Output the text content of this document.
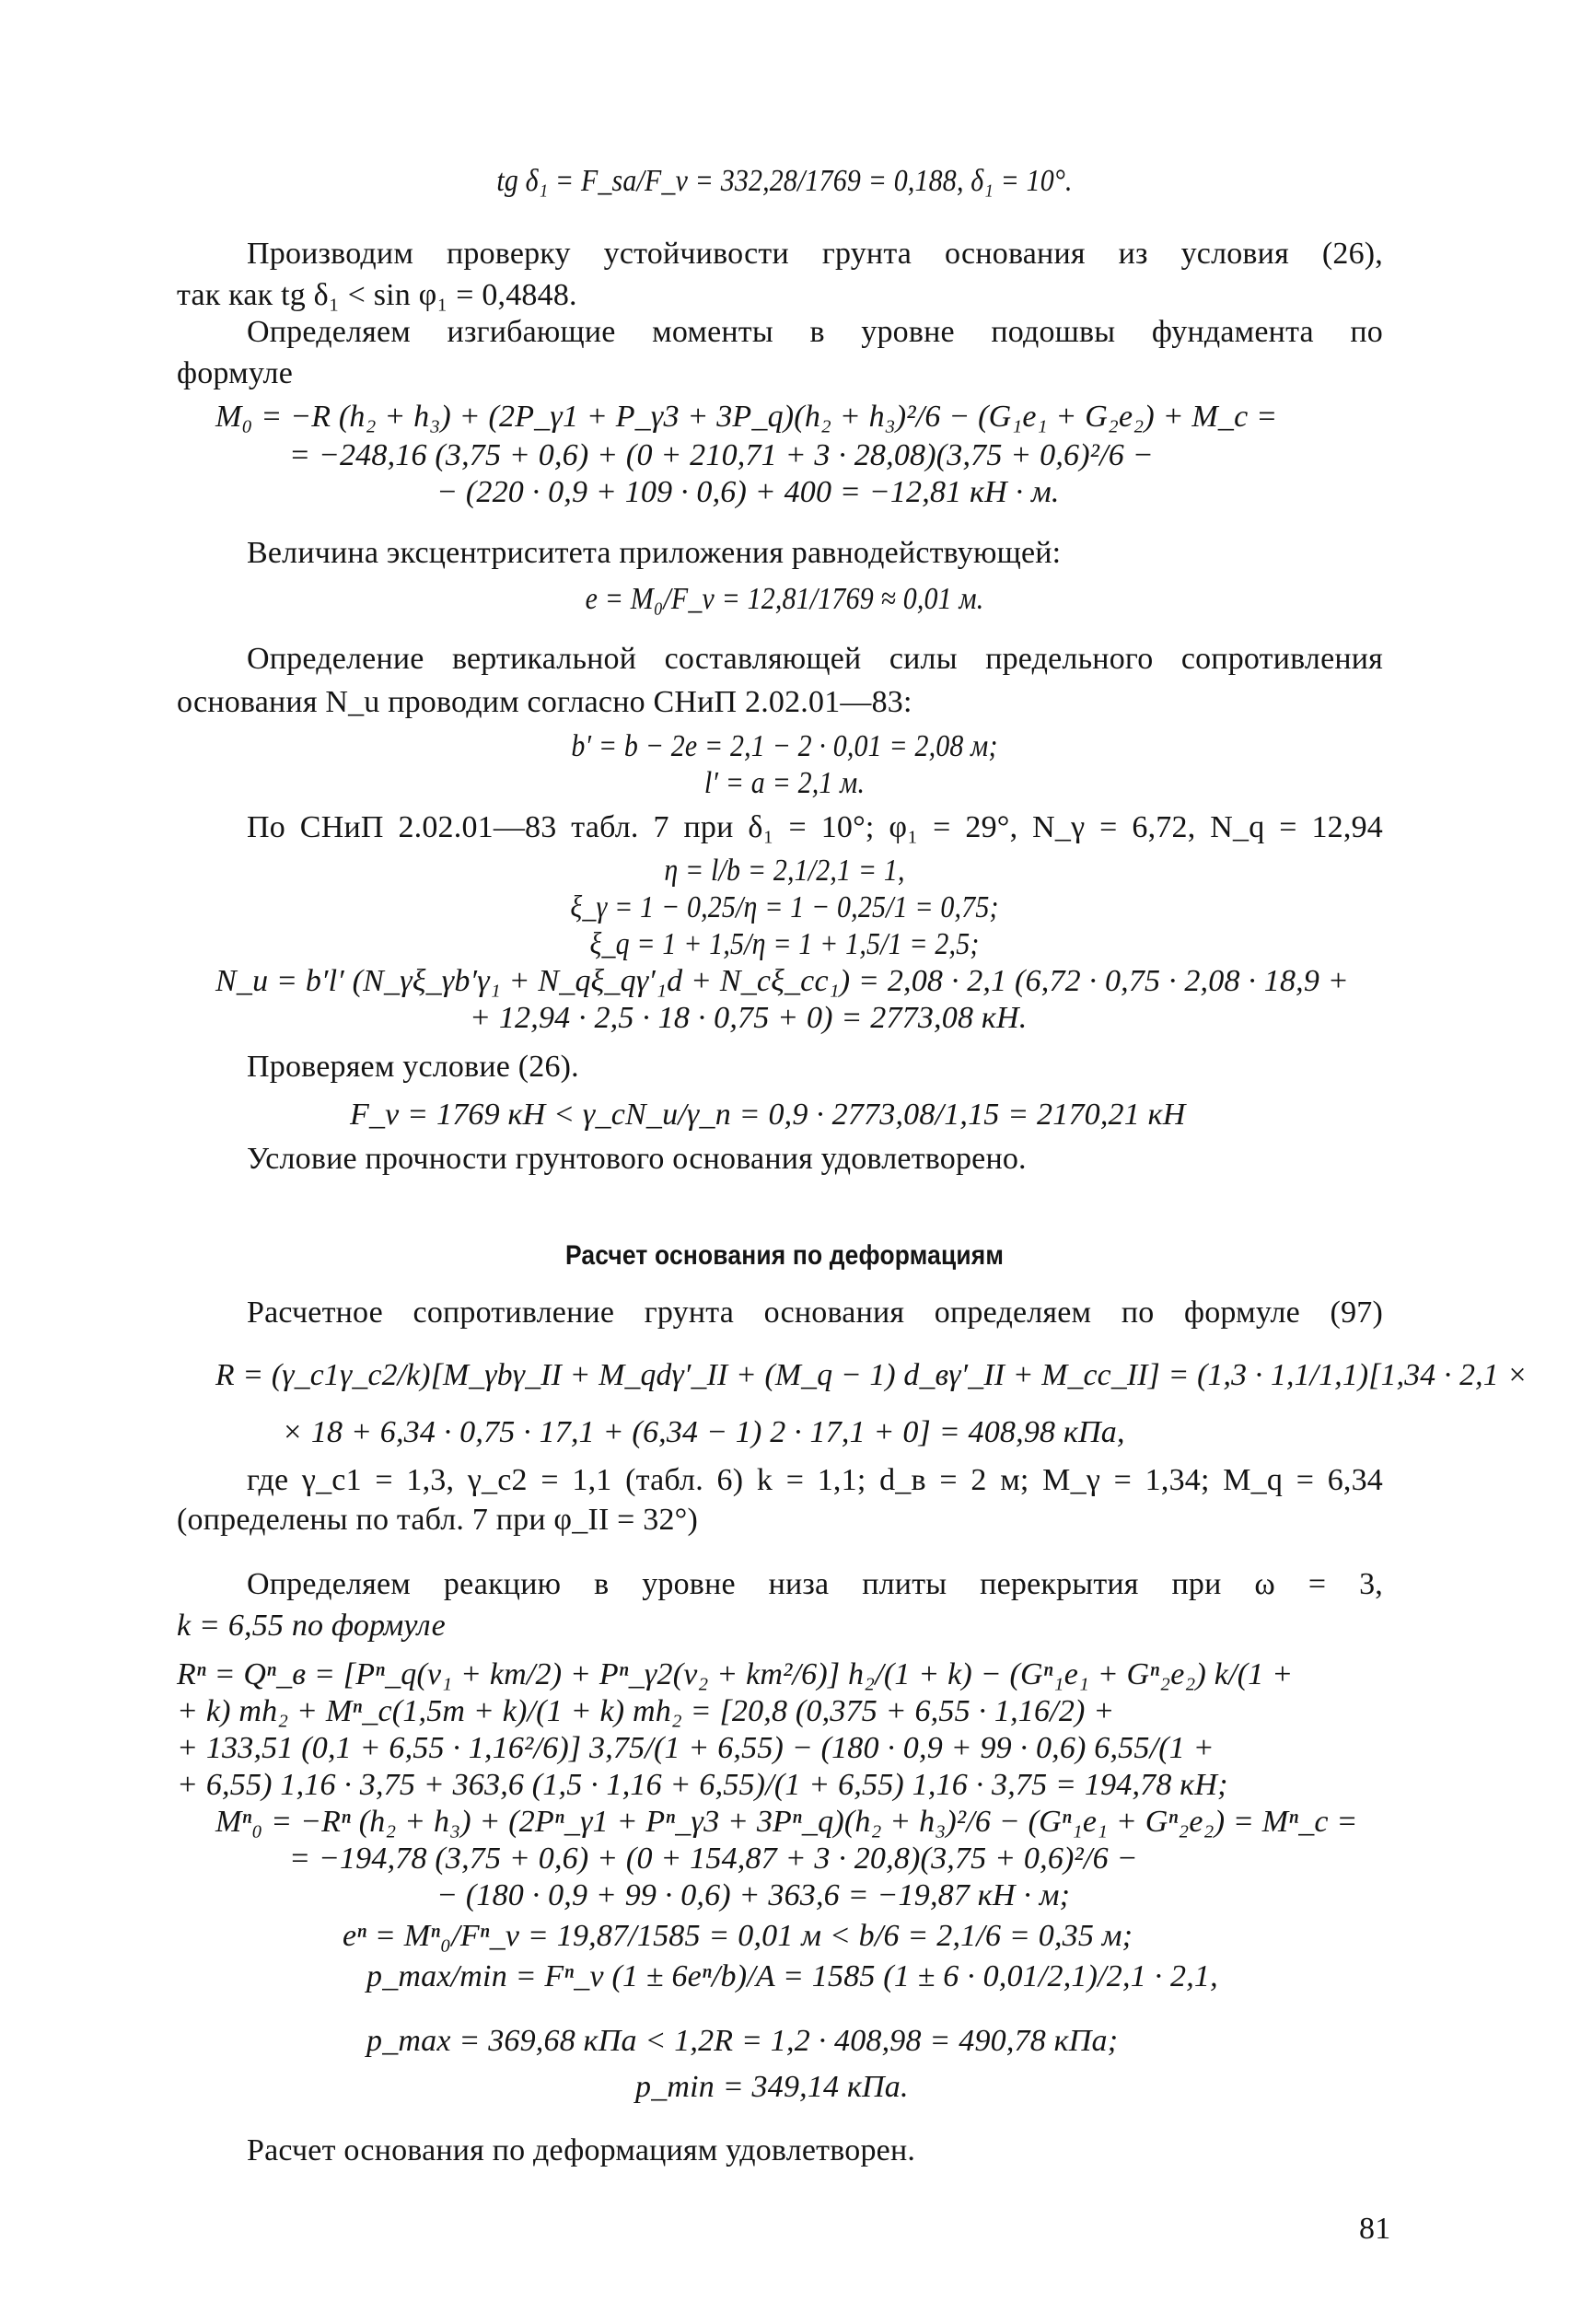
tg δ₁ = F_sa/F_v = 332,28/1769 = 0,188, δ₁ = 10°.
Производим проверку устойчивости грунта основания из условия (26),
так как tg δ₁ < sin φ₁ = 0,4848.
Определяем изгибающие моменты в уровне подошвы фундамента по
формуле
M₀ = −R (h₂ + h₃) + (2P_γ1 + P_γ3 + 3P_q)(h₂ + h₃)²/6 − (G₁e₁ + G₂e₂) + M_c =
= −248,16 (3,75 + 0,6) + (0 + 210,71 + 3 · 28,08)(3,75 + 0,6)²/6 −
− (220 · 0,9 + 109 · 0,6) + 400 = −12,81 кН · м.
Величина эксцентриситета приложения равнодействующей:
e = M₀/F_v = 12,81/1769 ≈ 0,01 м.
Определение вертикальной составляющей силы предельного сопротивления
основания N_u проводим согласно СНиП 2.02.01—83:
b′ = b − 2e = 2,1 − 2 · 0,01 = 2,08 м;
l′ = a = 2,1 м.
По СНиП 2.02.01—83 табл. 7 при δ₁ = 10°; φ₁ = 29°, N_γ = 6,72, N_q = 12,94
η = l/b = 2,1/2,1 = 1,
ξ_γ = 1 − 0,25/η = 1 − 0,25/1 = 0,75;
ξ_q = 1 + 1,5/η = 1 + 1,5/1 = 2,5;
N_u = b′l′ (N_γξ_γb′γ₁ + N_qξ_qγ′₁d + N_cξ_cc₁) = 2,08 · 2,1 (6,72 · 0,75 · 2,08 · 18,9 +
+ 12,94 · 2,5 · 18 · 0,75 + 0) = 2773,08 кН.
Проверяем условие (26).
F_v = 1769 кН < γ_cN_u/γ_n = 0,9 · 2773,08/1,15 = 2170,21 кН
Условие прочности грунтового основания удовлетворено.
Расчет основания по деформациям
Расчетное сопротивление грунта основания определяем по формуле (97)
R = (γ_c1γ_c2/k)[M_γbγ_II + M_qdγ′_II + (M_q − 1) d_вγ′_II + M_cc_II] = (1,3 · 1,1/1,1)[1,34 · 2,1 ×
× 18 + 6,34 · 0,75 · 17,1 + (6,34 − 1) 2 · 17,1 + 0] = 408,98 кПа,
где γ_c1 = 1,3, γ_c2 = 1,1 (табл. 6) k = 1,1; d_в = 2 м; M_γ = 1,34; M_q = 6,34
(определены по табл. 7 при φ_II = 32°)
Определяем реакцию в уровне низа плиты перекрытия при ω = 3,
k = 6,55 по формуле
Rⁿ = Qⁿ_в = [Pⁿ_q(ν₁ + km/2) + Pⁿ_γ2(ν₂ + km²/6)] h₂/(1 + k) − (Gⁿ₁e₁ + Gⁿ₂e₂) k/(1 +
+ k) mh₂ + Mⁿ_c(1,5m + k)/(1 + k) mh₂ = [20,8 (0,375 + 6,55 · 1,16/2) +
+ 133,51 (0,1 + 6,55 · 1,16²/6)] 3,75/(1 + 6,55) − (180 · 0,9 + 99 · 0,6) 6,55/(1 +
+ 6,55) 1,16 · 3,75 + 363,6 (1,5 · 1,16 + 6,55)/(1 + 6,55) 1,16 · 3,75 = 194,78 кН;
Mⁿ₀ = −Rⁿ (h₂ + h₃) + (2Pⁿ_γ1 + Pⁿ_γ3 + 3Pⁿ_q)(h₂ + h₃)²/6 − (Gⁿ₁e₁ + Gⁿ₂e₂) = Mⁿ_c =
= −194,78 (3,75 + 0,6) + (0 + 154,87 + 3 · 20,8)(3,75 + 0,6)²/6 −
− (180 · 0,9 + 99 · 0,6) + 363,6 = −19,87 кН · м;
eⁿ = Mⁿ₀/Fⁿ_v = 19,87/1585 = 0,01 м < b/6 = 2,1/6 = 0,35 м;
p_max/min = Fⁿ_v (1 ± 6eⁿ/b)/A = 1585 (1 ± 6 · 0,01/2,1)/2,1 · 2,1,
p_max = 369,68 кПа < 1,2R = 1,2 · 408,98 = 490,78 кПа;
p_min = 349,14 кПа.
Расчет основания по деформациям удовлетворен.
81
